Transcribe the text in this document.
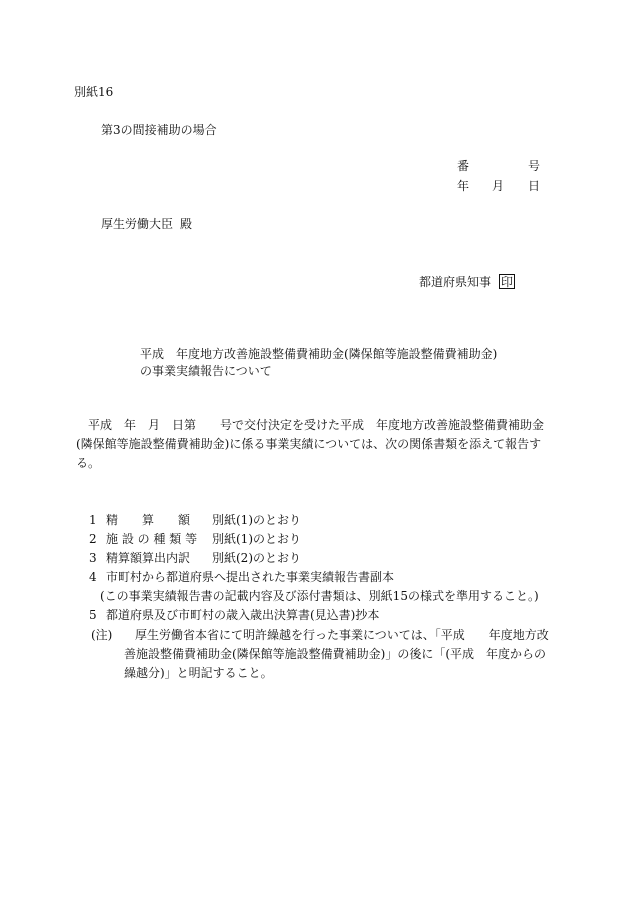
別紙16
第3の間接補助の場合
番	号
年 月 日
厚生労働大臣 殿
都道府県知事 印
平成　年度地方改善施設整備費補助金(隣保館等施設整備費補助金)
の事業実績報告について
平成　年　月　日第　　号で交付決定を受けた平成　年度地方改善施設整備費補助金
(隣保館等施設整備費補助金)に係る事業実績については、次の関係書類を添えて報告す
る。
1 精　　算　　額 別紙(1)のとおり
2 施 設 の 種 類 等 別紙(1)のとおり
3 精算額算出内訳 別紙(2)のとおり
4 市町村から都道府県へ提出された事業実績報告書副本
(この事業実績報告書の記載内容及び添付書類は、別紙15の様式を準用すること。)
5 都道府県及び市町村の歳入歳出決算書(見込書)抄本
(注) 厚生労働省本省にて明許繰越を行った事業については、「平成　　年度地方改
善施設整備費補助金(隣保館等施設整備費補助金)」の後に「(平成　年度からの
繰越分)」と明記すること。
